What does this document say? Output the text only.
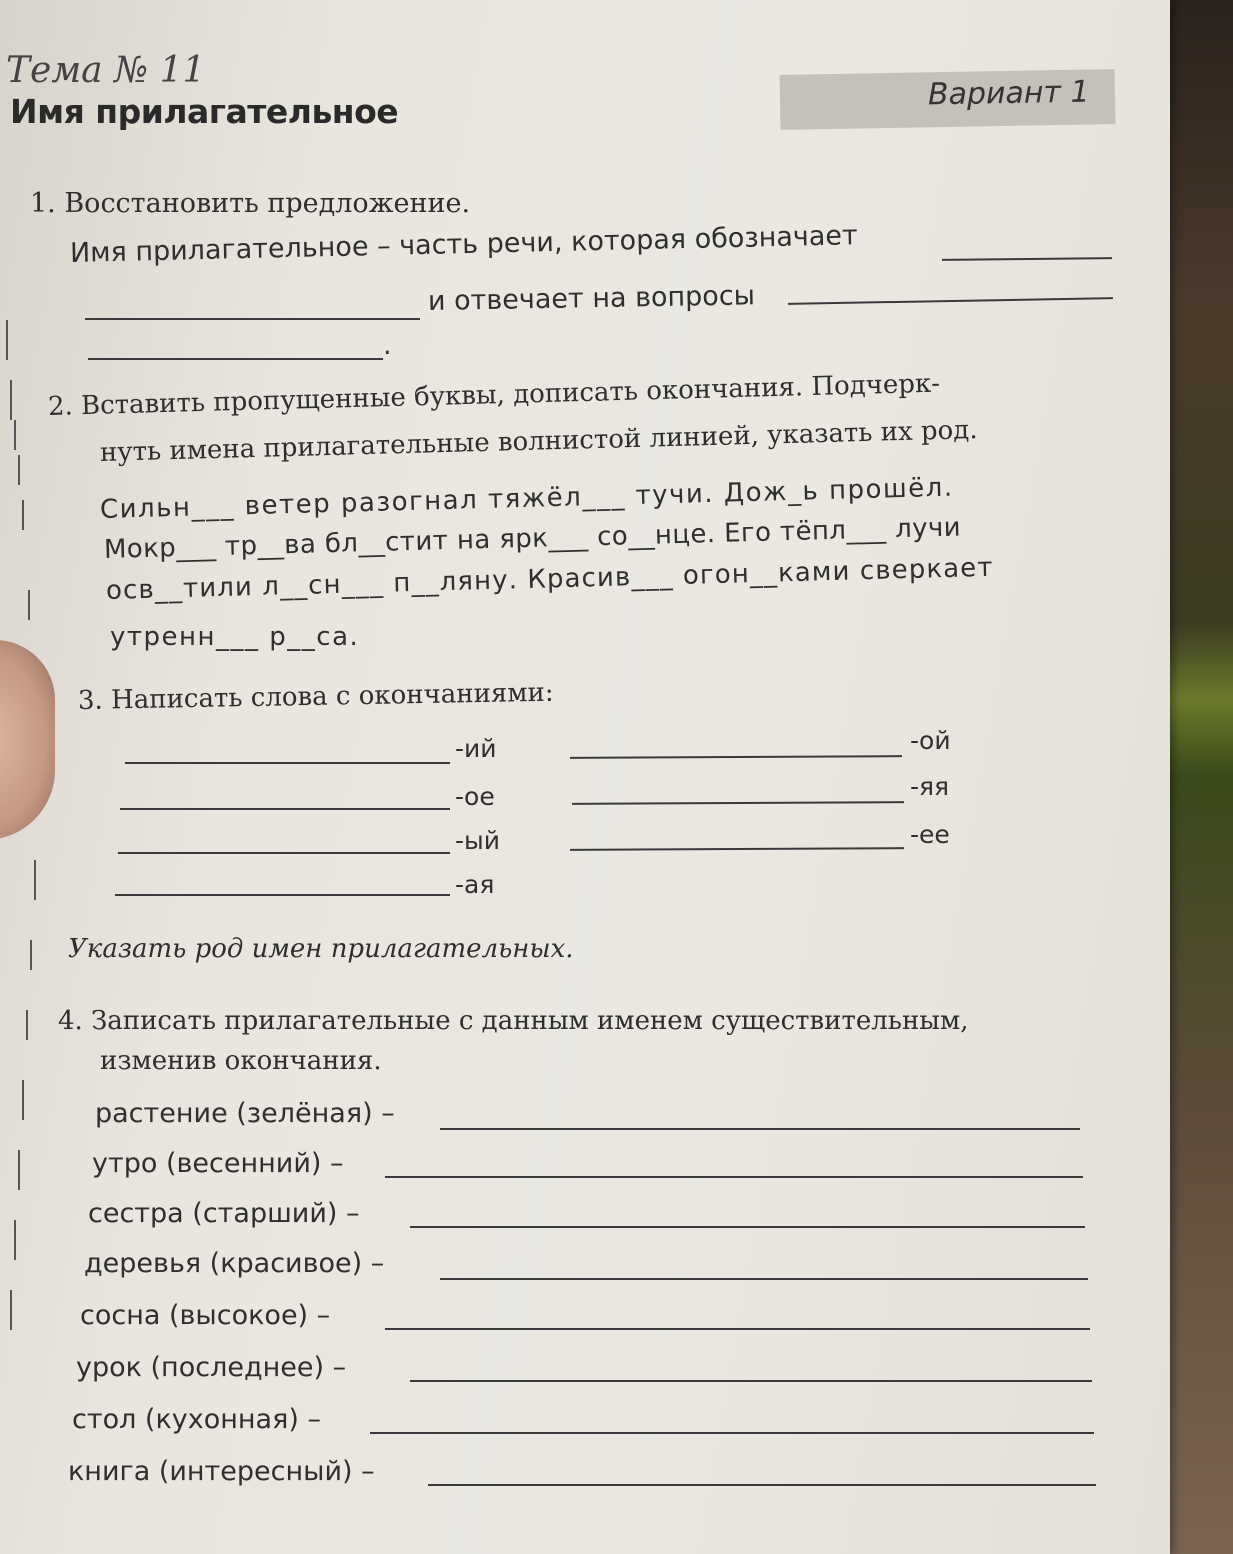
Тема № 11
Имя прилагательное	Вариант 1
1. Восстановить предложение.
Имя прилагательное – часть речи, которая обозначает
и отвечает на вопросы
.
2. Вставить пропущенные буквы, дописать окончания. Подчерк-
нуть имена прилагательные волнистой линией, указать их род.
Сильн___ ветер разогнал тяжёл___ тучи. Дож_ь прошёл.
Мокр___ тр__ва бл__стит на ярк___ со__нце. Его тёпл___ лучи
осв__тили л__сн___ п__ляну. Красив___ огон__ками сверкает
утренн___ р__са.
3. Написать слова с окончаниями:
-ий
-ое
-ый
-ая
-ой
-яя
-ее
Указать род имен прилагательных.
4. Записать прилагательные с данным именем существительным,
изменив окончания.
растение (зелёная) –
утро (весенний) –
сестра (старший) –
деревья (красивое) –
сосна (высокое) –
урок (последнее) –
стол (кухонная) –
книга (интересный) –
